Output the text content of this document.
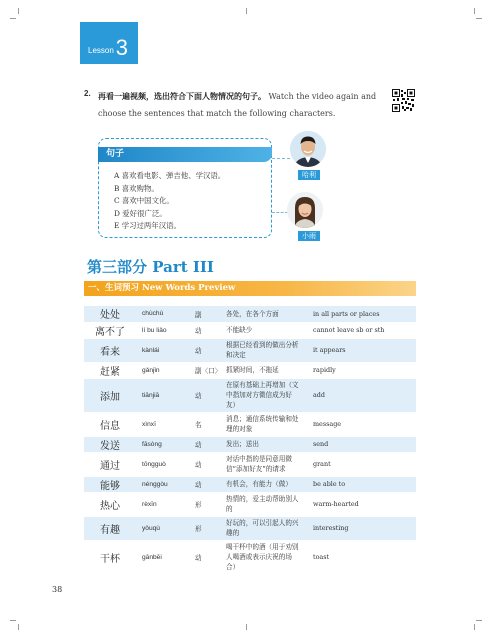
Lesson 3
2. 再看一遍视频，选出符合下面人物情况的句子。 Watch the video again and choose the sentences that match the following characters.
句子
A 喜欢看电影、弹吉他、学汉语。
B 喜欢购物。
C 喜欢中国文化。
D 爱好很广泛。
E 学习过两年汉语。
哈利
小雨
第三部分 Part III
一、生词预习 New Words Preview
处处	chùchù	副	各处，在各个方面	in all parts or places
离不了	lí bu liǎo	动	不能缺少	cannot leave sb or sth
看来	kànlái	动	根据已经看到的做出分析和决定	it appears
赶紧	gǎnjǐn	副〈口〉	抓紧时间，不拖延	rapidly
添加	tiānjiā	动	在原有基础上再增加（文中指加对方微信成为好友）	add
信息	xìnxī	名	消息；通信系统传输和处理的对象	message
发送	fāsòng	动	发出；送出	send
通过	tōngguò	动	对话中指的是同意用微信“添加好友”的请求	grant
能够	nénggòu	动	有机会，有能力（做）	be able to
热心	rèxīn	形	热情的，爱主动帮助别人的	warm-hearted
有趣	yǒuqù	形	好玩的，可以引起人的兴趣的	interesting
干杯	gānbēi	动	喝干杯中的酒（用于劝别人喝酒或表示庆祝的场合）	toast
38
